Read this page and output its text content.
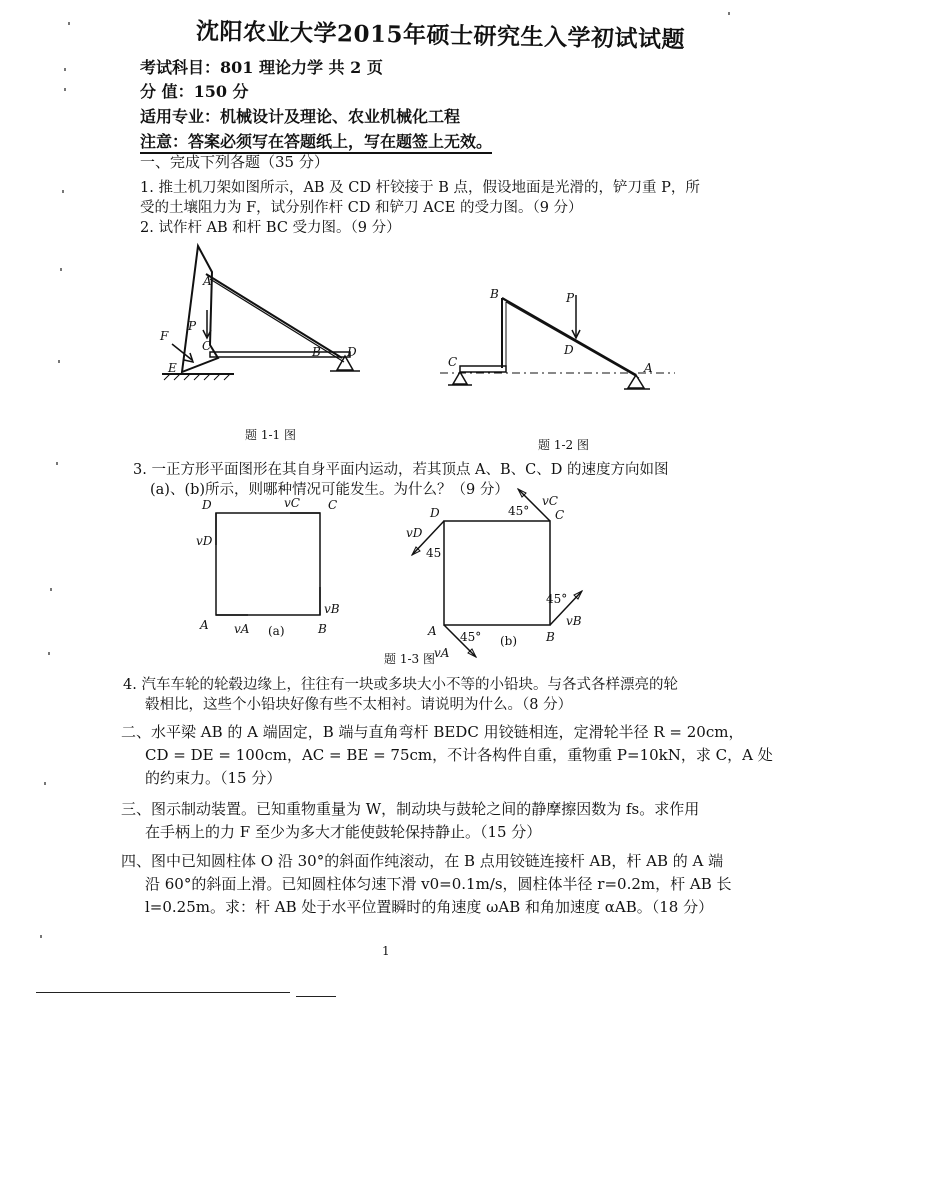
沈阳农业大学2015年硕士研究生入学初试试题
考试科目：801 理论力学 共 2 页
分 值：150 分
适用专业：机械设计及理论、农业机械化工程
注意：答案必须写在答题纸上，写在题签上无效。
一、完成下列各题（35 分）
1. 推土机刀架如图所示，AB 及 CD 杆铰接于 B 点，假设地面是光滑的，铲刀重 P，所
受的土壤阻力为 F，试分别作杆 CD 和铲刀 ACE 的受力图。（9 分）
2. 试作杆 AB 和杆 BC 受力图。（9 分）
A
P
F
C
E
B D
题 1-1 图
B	P
D
C	A
题 1-2 图
3. 一正方形平面图形在其自身平面内运动，若其顶点 A、B、C、D 的速度方向如图
(a)、(b)所示，则哪种情况可能发生。为什么？（9 分）
D	C
A	B
vC
vD
vA
vB
(a)
D	C
A	B
vC
vD
vA
vB
45°
45
45°
45° (b)
题 1-3 图
4. 汽车车轮的轮毂边缘上，往往有一块或多块大小不等的小铅块。与各式各样漂亮的轮
毂相比，这些个小铅块好像有些不太相衬。请说明为什么。（8 分）
二、水平梁 AB 的 A 端固定，B 端与直角弯杆 BEDC 用铰链相连，定滑轮半径 R = 20cm，
CD = DE = 100cm，AC = BE = 75cm，不计各构件自重，重物重 P=10kN，求 C，A 处
的约束力。（15 分）
三、图示制动装置。已知重物重量为 W，制动块与鼓轮之间的静摩擦因数为 fs。求作用
在手柄上的力 F 至少为多大才能使鼓轮保持静止。（15 分）
四、图中已知圆柱体 O 沿 30°的斜面作纯滚动，在 B 点用铰链连接杆 AB，杆 AB 的 A 端
沿 60°的斜面上滑。已知圆柱体匀速下滑 v0=0.1m/s，圆柱体半径 r=0.2m，杆 AB 长
l=0.25m。求：杆 AB 处于水平位置瞬时的角速度 ωAB 和角加速度 αAB。（18 分）
1
